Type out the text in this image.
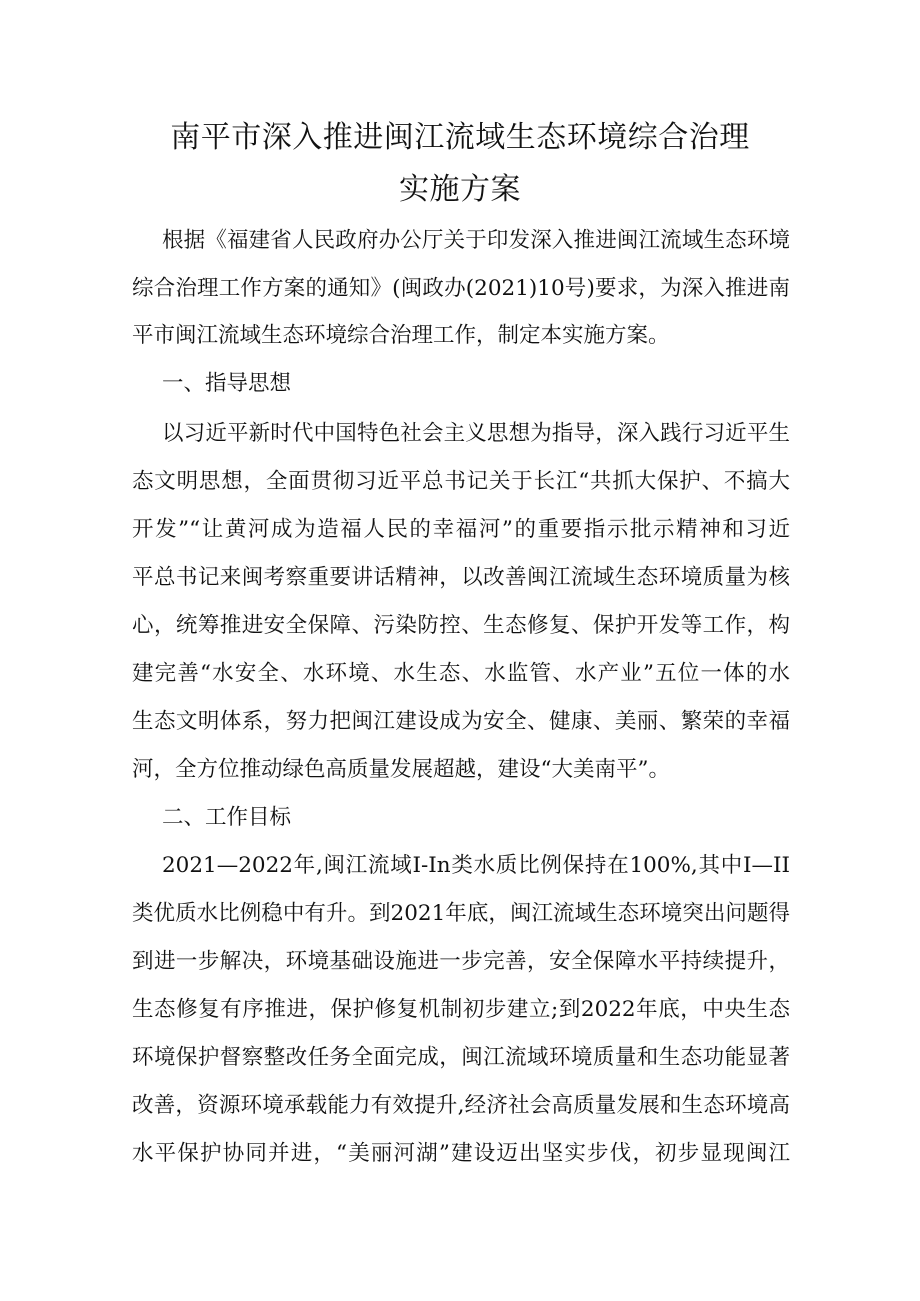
南平市深入推进闽江流域生态环境综合治理
实施方案
根据《福建省人民政府办公厅关于印发深入推进闽江流域生态环境
综合治理工作方案的通知》(闽政办(2021)10号)要求，为深入推进南
平市闽江流域生态环境综合治理工作，制定本实施方案。
一、指导思想
以习近平新时代中国特色社会主义思想为指导，深入践行习近平生
态文明思想，全面贯彻习近平总书记关于长江“共抓大保护、不搞大
开发”“让黄河成为造福人民的幸福河”的重要指示批示精神和习近
平总书记来闽考察重要讲话精神，以改善闽江流域生态环境质量为核
心，统筹推进安全保障、污染防控、生态修复、保护开发等工作，构
建完善“水安全、水环境、水生态、水监管、水产业”五位一体的水
生态文明体系，努力把闽江建设成为安全、健康、美丽、繁荣的幸福
河，全方位推动绿色高质量发展超越，建设“大美南平”。
二、工作目标
2021—2022年,闽江流域I-In类水质比例保持在100%,其中I—II
类优质水比例稳中有升。到2021年底，闽江流域生态环境突出问题得
到进一步解决，环境基础设施进一步完善，安全保障水平持续提升，
生态修复有序推进，保护修复机制初步建立;到2022年底，中央生态
环境保护督察整改任务全面完成，闽江流域环境质量和生态功能显著
改善，资源环境承载能力有效提升,经济社会高质量发展和生态环境高
水平保护协同并进，“美丽河湖”建设迈出坚实步伐，初步显现闽江
